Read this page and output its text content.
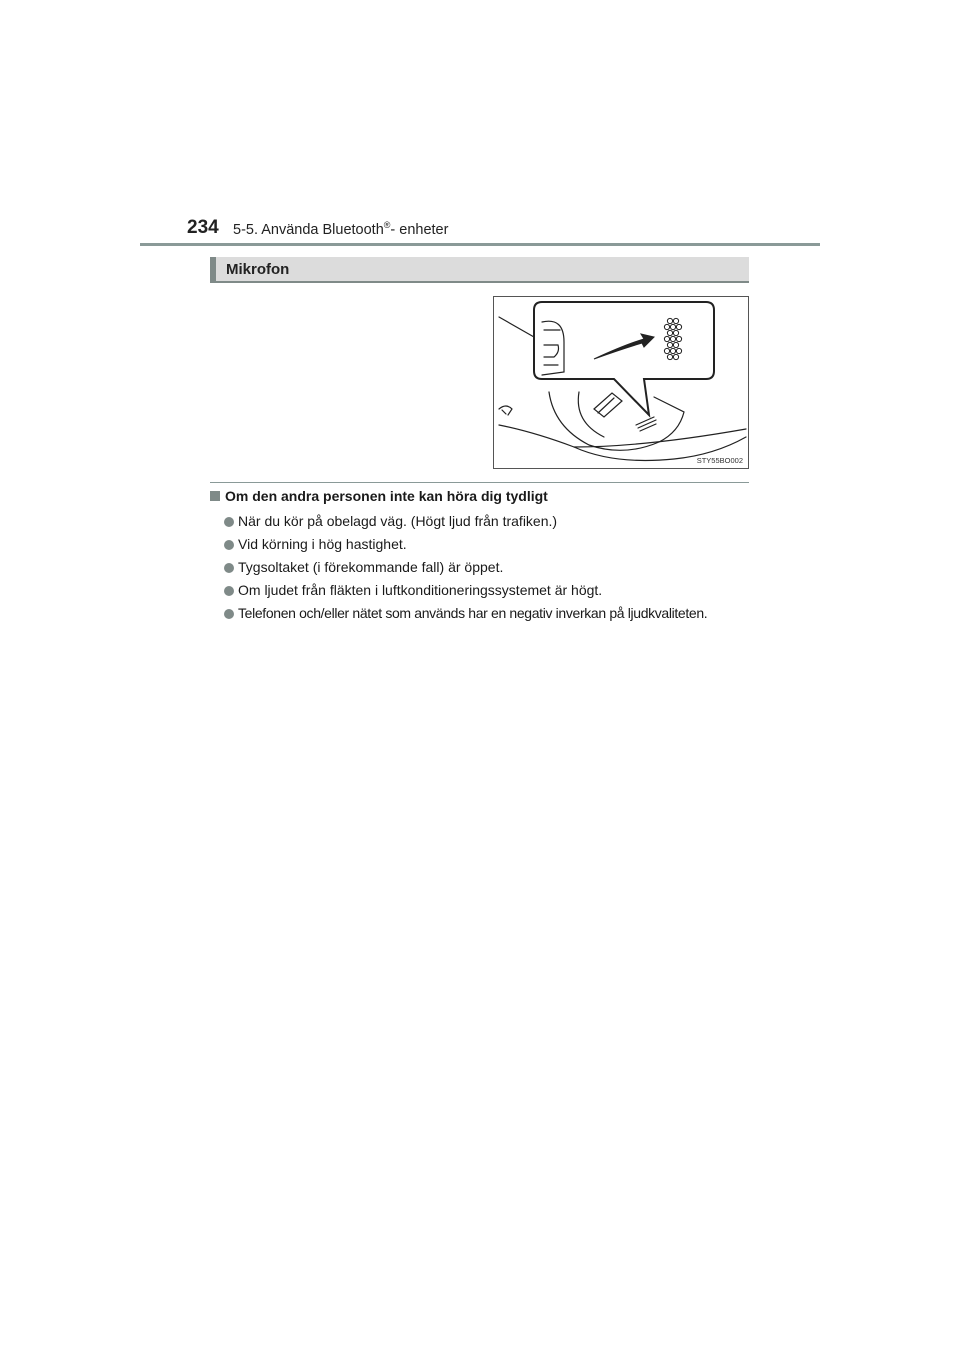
234 5-5. Använda Bluetooth®- enheter
Mikrofon
STY55BO002
Om den andra personen inte kan höra dig tydligt
När du kör på obelagd väg. (Högt ljud från trafiken.)
Vid körning i hög hastighet.
Tygsoltaket (i förekommande fall) är öppet.
Om ljudet från fläkten i luftkonditioneringssystemet är högt.
Telefonen och/eller nätet som används har en negativ inverkan på ljudkvaliteten.
